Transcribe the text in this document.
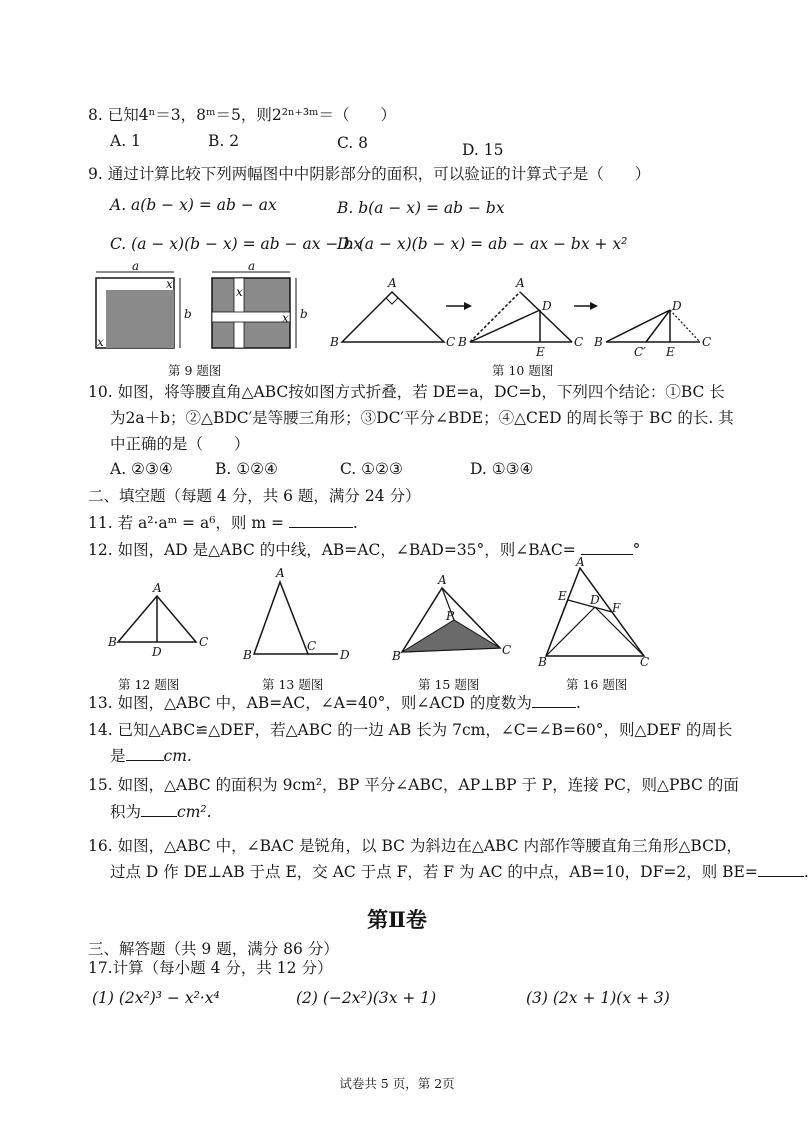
8. 已知4ⁿ＝3，8ᵐ＝5，则2²ⁿ⁺³ᵐ＝（　　）
A. 1	B. 2	C. 8	D. 15
9. 通过计算比较下列两幅图中中阴影部分的面积，可以验证的计算式子是（　　）
A. a(b − x) = ab − ax	B. b(a − x) = ab − bx
C. (a − x)(b − x) = ab − ax − bx
D. (a − x)(b − x) = ab − ax − bx + x²
a
b
x
x
a
b
x
x
第 9 题图
A
B	C
A
D
B
E
C
D
B
C′ E
C
第 10 题图
10. 如图，将等腰直角△ABC按如图方式折叠，若 DE=a，DC=b，下列四个结论：①BC 长
为2a＋b；②△BDC′是等腰三角形；③DC′平分∠BDE；④△CED 的周长等于 BC 的长. 其
中正确的是（　　）
A. ②③④	B. ①②④	C. ①②③	D. ①③④
二、填空题（每题 4 分，共 6 题，满分 24 分）
11. 若 a²·aᵐ = a⁶，则 m =	.
12. 如图，AD 是△ABC 的中线，AB=AC，∠BAD=35°，则∠BAC=	°
A
B	C
D
A
B
C
D
A
P
B	C
A
E D
F
B	C
第 12 题图	第 13 题图	第 15 题图	第 16 题图
13. 如图，△ABC 中，AB=AC，∠A=40°，则∠ACD 的度数为	.
14. 已知△ABC≌△DEF，若△ABC 的一边 AB 长为 7cm，∠C=∠B=60°，则△DEF 的周长
是 cm.
15. 如图，△ABC 的面积为 9cm²，BP 平分∠ABC，AP⊥BP 于 P，连接 PC，则△PBC 的面
积为 cm².
16. 如图，△ABC 中，∠BAC 是锐角，以 BC 为斜边在△ABC 内部作等腰直角三角形△BCD，
过点 D 作 DE⊥AB 于点 E，交 AC 于点 F，若 F 为 AC 的中点，AB=10，DF=2，则 BE=	.
第Ⅱ卷
三、解答题（共 9 题，满分 86 分）
17.计算（每小题 4 分，共 12 分）
(1) (2x²)³ − x²·x⁴	(2) (−2x²)(3x + 1)	(3) (2x + 1)(x + 3)
试卷共 5 页，第 2页
